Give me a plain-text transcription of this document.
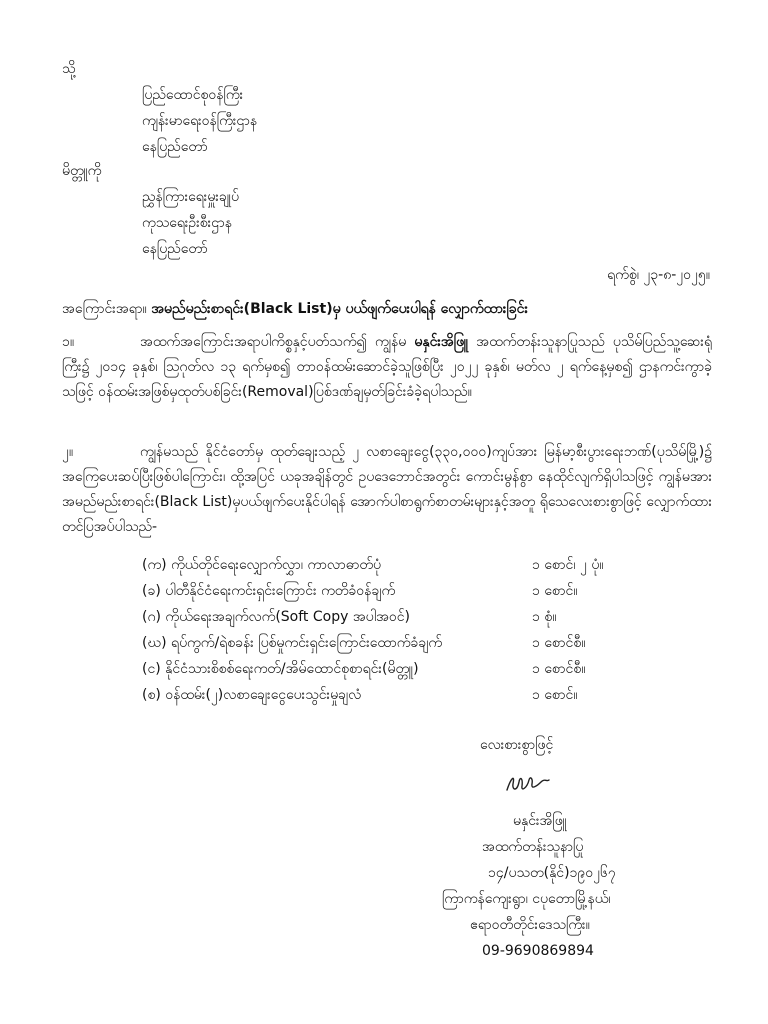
သို့
ပြည်ထောင်စုဝန်ကြီး
ကျန်းမာရေးဝန်ကြီးဌာန
နေပြည်တော်
မိတ္တူကို
ညွှန်ကြားရေးမှူးချုပ်
ကုသရေးဦးစီးဌာန
နေပြည်တော်
ရက်စွဲ၊ ၂၃-၈-၂၀၂၅။
အကြောင်းအရာ။ အမည်မည်းစာရင်း(Black List)မှ ပယ်ဖျက်ပေးပါရန် လျှောက်ထားခြင်း
၁။	အထက်အကြောင်းအရာပါကိစ္စနှင့်ပတ်သက်၍ ကျွန်မ မနှင်းအိဖြူ အထက်တန်းသူနာပြုသည် ပုသိမ်ပြည်သူ့ဆေးရုံကြီး၌ ၂၀၁၄ ခုနှစ်၊ ဩဂုတ်လ ၁၃ ရက်မှစ၍ တာဝန်ထမ်းဆောင်ခဲ့သူဖြစ်ပြီး ၂၀၂၂ ခုနှစ်၊ မတ်လ ၂ ရက်နေ့မှစ၍ ဌာနကင်းကွာခဲ့သဖြင့် ဝန်ထမ်းအဖြစ်မှထုတ်ပစ်ခြင်း(Removal)ပြစ်ဒဏ်ချမှတ်ခြင်းခံခဲ့ရပါသည်။
၂။	ကျွန်မသည် နိုင်ငံတော်မှ ထုတ်ချေးသည့် ၂ လစာချေးငွေ(၃၃၀,၀၀၀)ကျပ်အား မြန်မာ့စီးပွားရေးဘဏ်(ပုသိမ်မြို့)၌ အကြေပေးဆပ်ပြီးဖြစ်ပါကြောင်း၊ ထို့အပြင် ယခုအချိန်တွင် ဥပဒေဘောင်အတွင်း ကောင်းမွန်စွာ နေထိုင်လျက်ရှိပါသဖြင့် ကျွန်မအား အမည်မည်းစာရင်း(Black List)မှပယ်ဖျက်ပေးနိုင်ပါရန် အောက်ပါစာရွက်စာတမ်းများနှင့်အတူ ရိုသေလေးစားစွာဖြင့် လျှောက်ထားတင်ပြအပ်ပါသည်-
(က) ကိုယ်တိုင်ရေးလျှောက်လွှာ၊ ကာလာဓာတ်ပုံ	၁ စောင်၊ ၂ ပုံ။
(ခ) ပါတီနိုင်ငံရေးကင်းရှင်းကြောင်း ကတိခံဝန်ချက်	၁ စောင်။
(ဂ) ကိုယ်ရေးအချက်လက်(Soft Copy အပါအဝင်)	၁ စုံ။
(ဃ) ရပ်ကွက်/ရဲစခန်း ပြစ်မှုကင်းရှင်းကြောင်းထောက်ခံချက်	၁ စောင်စီ။
(င) နိုင်ငံသားစိစစ်ရေးကတ်/အိမ်ထောင်စုစာရင်း(မိတ္တူ)	၁ စောင်စီ။
(စ) ဝန်ထမ်း(၂)လစာချေးငွေပေးသွင်းမှုချလံ	၁ စောင်။
လေးစားစွာဖြင့်
မနှင်းအိဖြူ
အထက်တန်းသူနာပြု
၁၄/ပသတ(နိုင်)၁၉၀၂၆၇
ကြာကန်ကျေးရွာ၊ ငပုတောမြို့နယ်၊
ဧရာဝတီတိုင်းဒေသကြီး။
09-9690869894
